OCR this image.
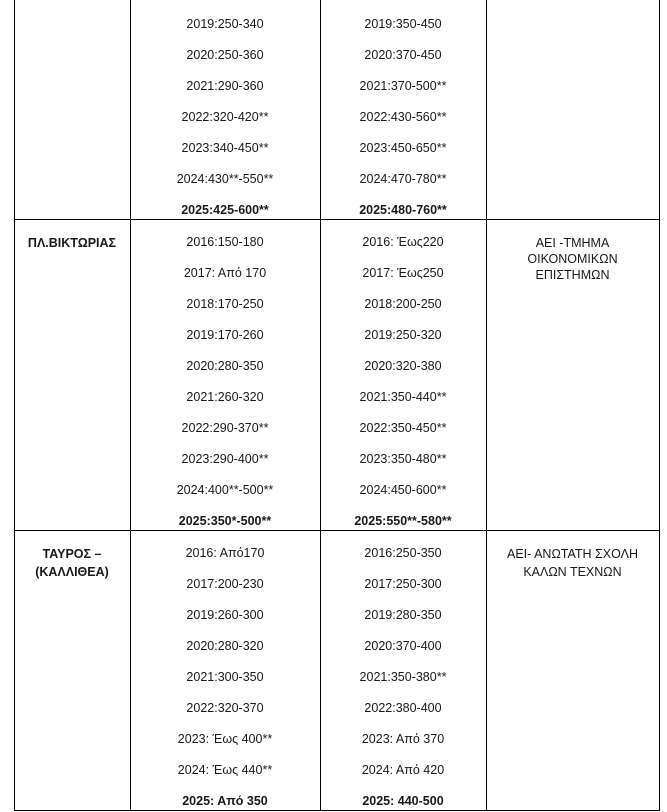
2019:250-340
2020:250-360
2021:290-360
2022:320-420**
2023:340-450**
2024:430**-550**
2025:425-600**
2019:350-450
2020:370-450
2021:370-500**
2022:430-560**
2023:450-650**
2024:470-780**
2025:480-760**
ΠΛ.ΒΙΚΤΩΡΙΑΣ	2016:150-180
2017: Από 170
2018:170-250
2019:170-260
2020:280-350
2021:260-320
2022:290-370**
2023:290-400**
2024:400**-500**
2025:350*-500**
2016: Έως220
2017: Έως250
2018:200-250
2019:250-320
2020:320-380
2021:350-440**
2022:350-450**
2023:350-480**
2024:450-600**
2025:550**-580**
ΑΕΙ -ΤΜΗΜΑ
ΟΙΚΟΝΟΜΙΚΩΝ
ΕΠΙΣΤΗΜΩΝ
ΤΑΥΡΟΣ –
(ΚΑΛΛΙΘΕΑ)
2016: Από170
2017:200-230
2019:260-300
2020:280-320
2021:300-350
2022:320-370
2023: Έως 400**
2024: Έως 440**
2025: Από 350
2016:250-350
2017:250-300
2019:280-350
2020:370-400
2021:350-380**
2022:380-400
2023: Από 370
2024: Από 420
2025: 440-500
ΑΕΙ- ΑΝΩΤΑΤΗ ΣΧΟΛΗ
ΚΑΛΩΝ ΤΕΧΝΩΝ
